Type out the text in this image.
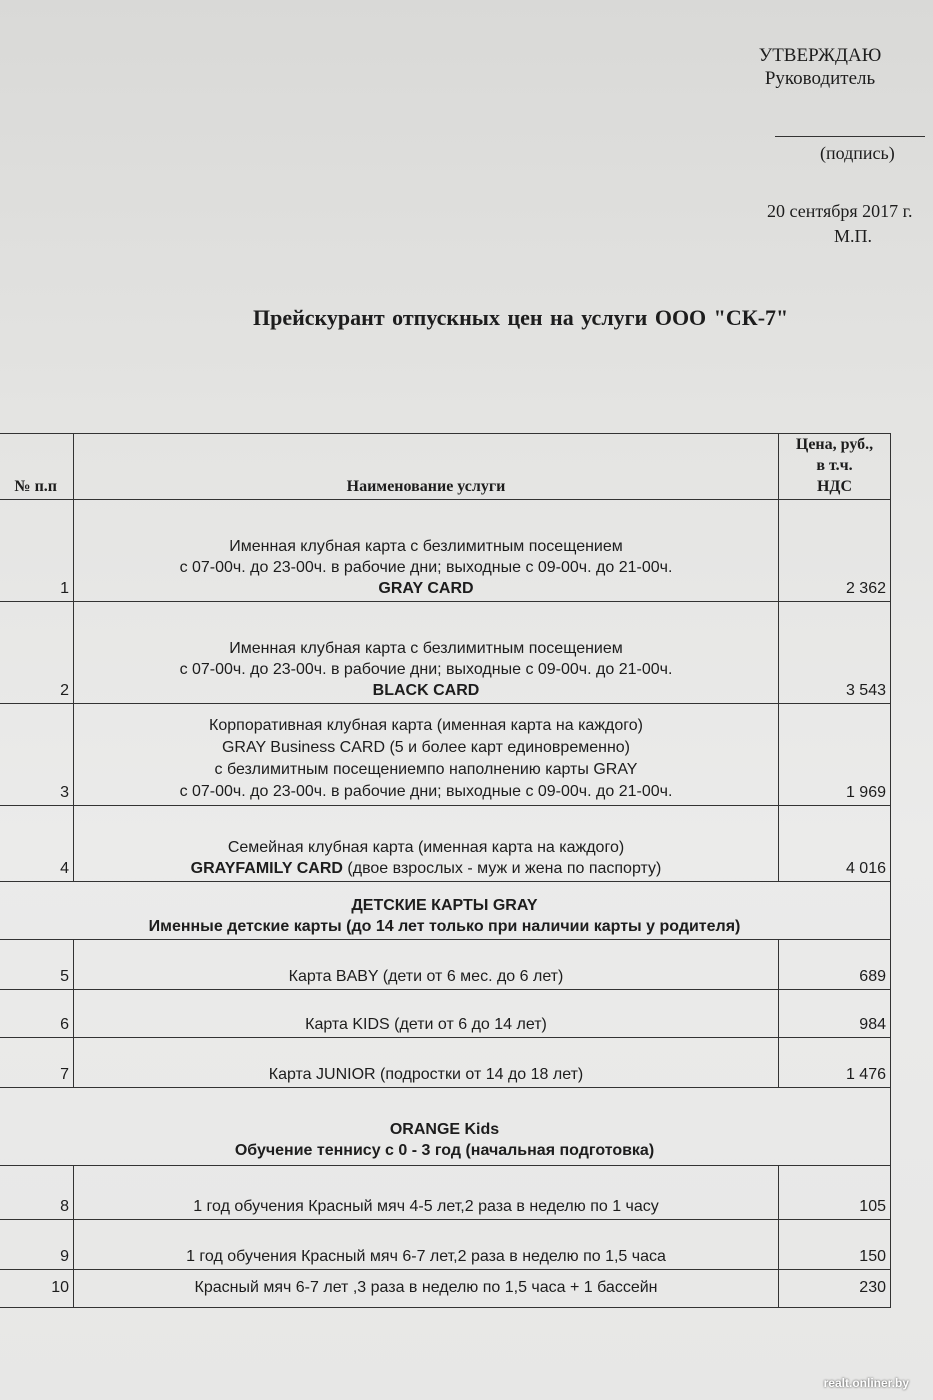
УТВЕРЖДАЮ
Руководитель
(подпись)
20 сентября 2017 г.
М.П.
Прейскурант отпускных цен на услуги ООО "СК-7"
№ п.п	Наименование услуги	Цена, руб.,
в т.ч.
НДС

1	Именная клубная карта с безлимитным посещением
с 07-00ч. до 23-00ч. в рабочие дни; выходные с 09-00ч. до 21-00ч.
GRAY CARD	2 362
2	Именная клубная карта с безлимитным посещением
с 07-00ч. до 23-00ч. в рабочие дни; выходные с 09-00ч. до 21-00ч.
BLACK CARD	3 543
3	Корпоративная клубная карта (именная карта на каждого)
GRAY Business CARD (5 и более карт единовременно)
с безлимитным посещениемпо наполнению карты GRAY
с 07-00ч. до 23-00ч. в рабочие дни; выходные с 09-00ч. до 21-00ч.	1 969
4	Семейная клубная карта (именная карта на каждого)
GRAYFAMILY CARD (двое взрослых - муж и жена по паспорту)	4 016

ДЕТСКИЕ КАРТЫ GRAY
Именные детские карты (до 14 лет только при наличии карты у родителя)		

5	Карта BABY (дети от 6 мес. до 6 лет)	689
6	Карта KIDS (дети от 6 до 14 лет)	984
7	Карта JUNIOR (подростки от 14 до 18 лет)	1 476

ORANGE Kids
Обучение теннису с 0 - 3 год (начальная подготовка)		

8	1 год обучения Красный мяч 4-5 лет,2 раза в неделю по 1 часу	105
9	1 год обучения Красный мяч 6-7 лет,2 раза в неделю по 1,5 часа	150
10	Красный мяч 6-7 лет ,3 раза в неделю по 1,5 часа + 1 бассейн	230
realt.onliner.by
